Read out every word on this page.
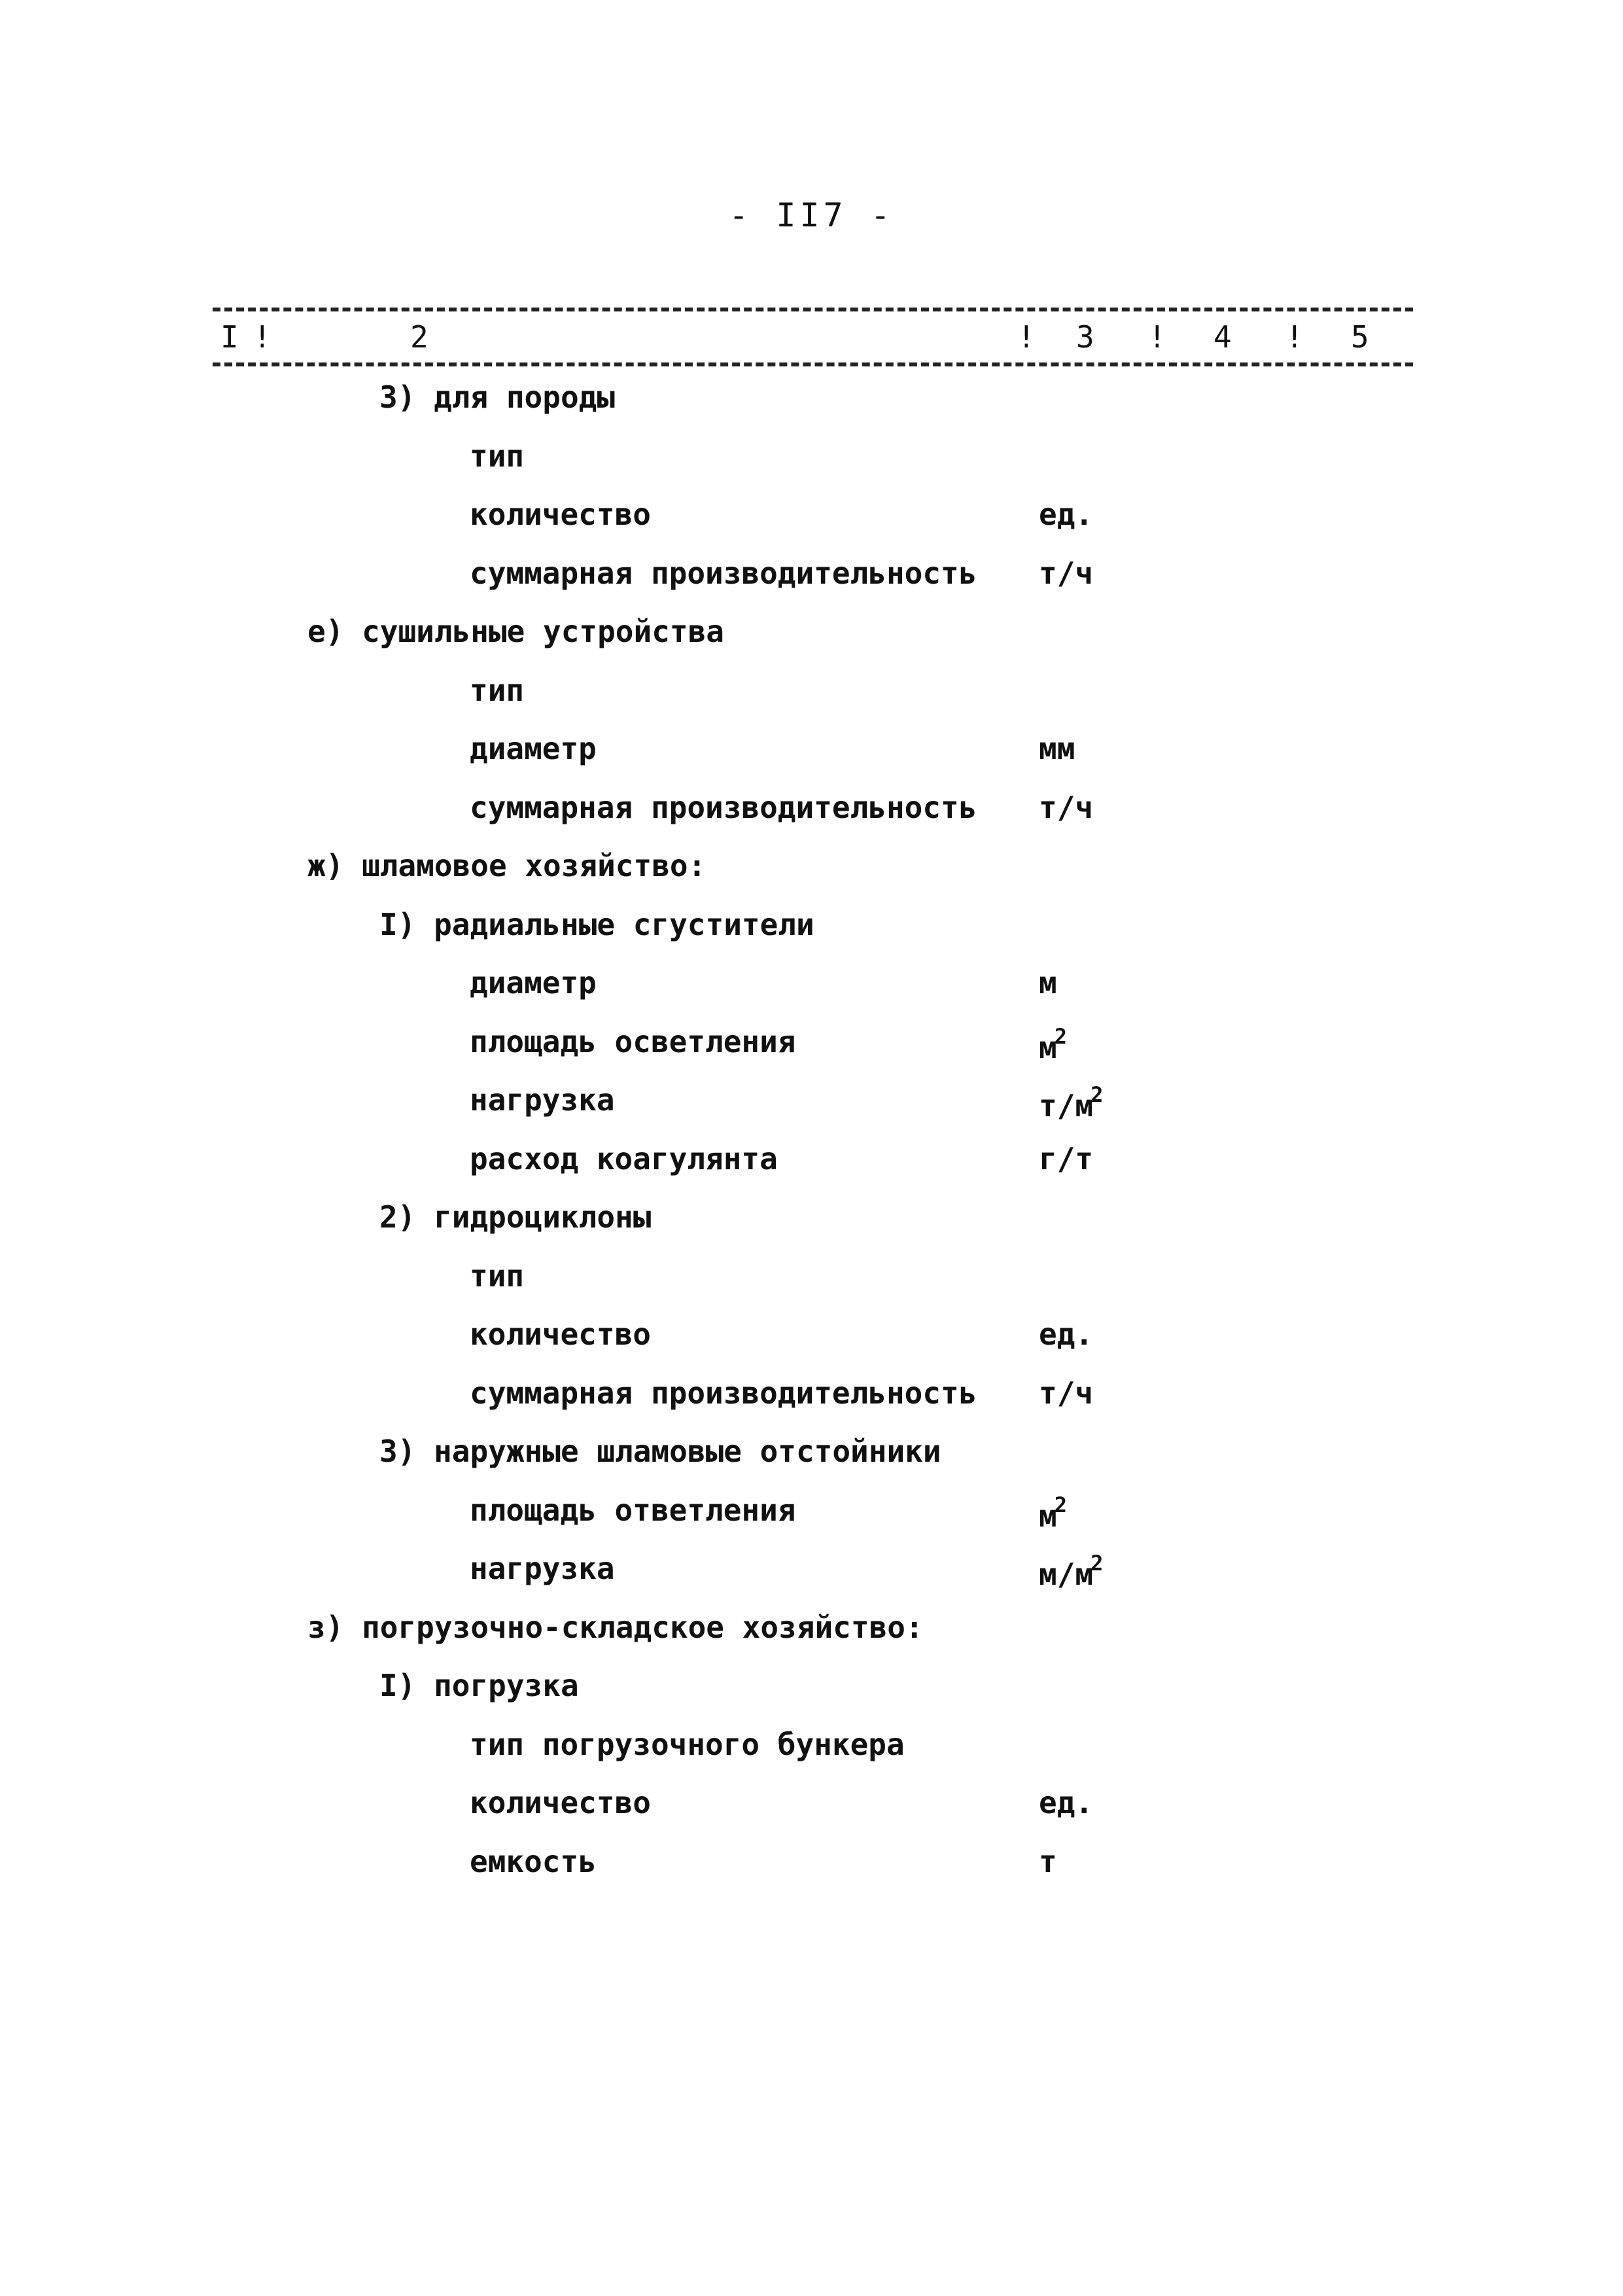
- II7 -
I !	2	! 3 ! 4 ! 5
3) для породы
тип
количество	ед.
суммарная производительность т/ч
е) сушильные устройства
тип
диаметр	мм
суммарная производительность т/ч
ж) шламовое хозяйство:
I) радиальные сгустители
диаметр	м
площадь осветления	$м^2$
нагрузка	$т/м^2$
расход коагулянта	г/т
2) гидроциклоны
тип
количество	ед.
суммарная производительность т/ч
3) наружные шламовые отстойники
площадь ответления	$м^2$
нагрузка	$м/м^2$
з) погрузочно-складское хозяйство:
I) погрузка
тип погрузочного бункера
количество	ед.
емкость	т
